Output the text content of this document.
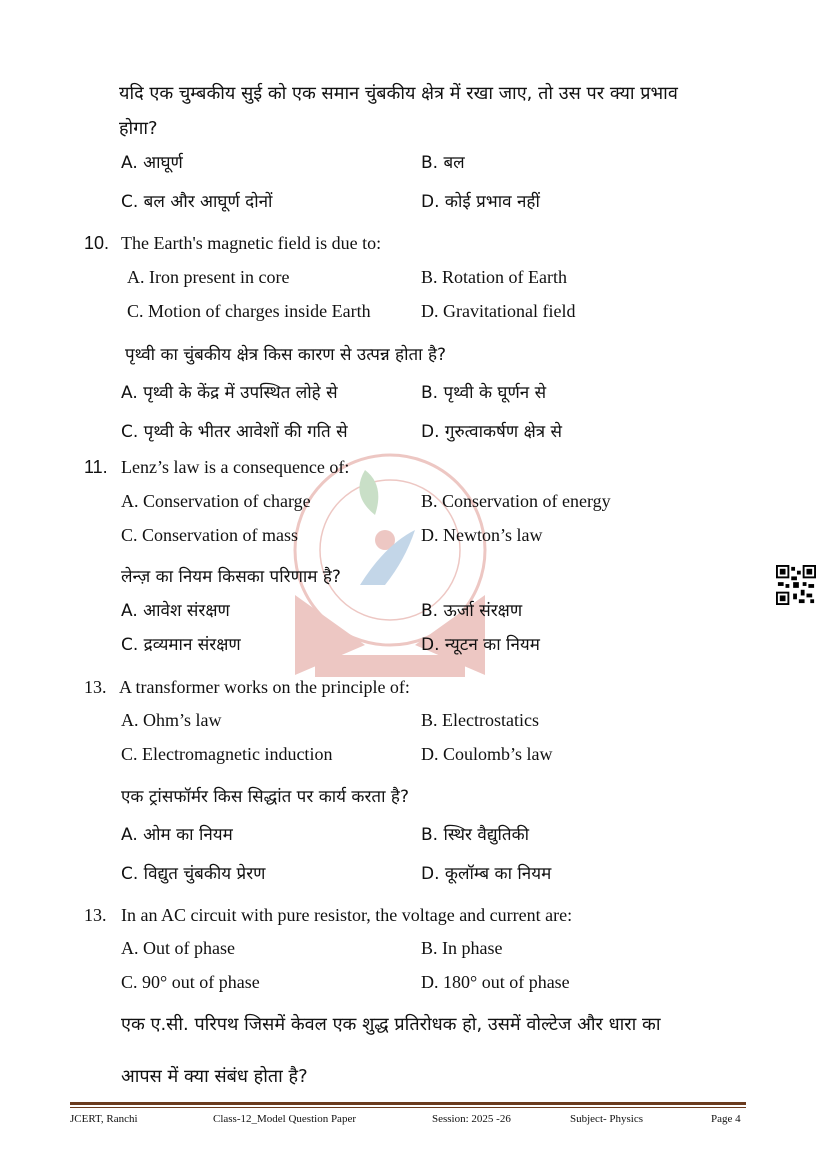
यदि एक चुम्बकीय सुई को एक समान चुंबकीय क्षेत्र में रखा जाए, तो उस पर क्या प्रभाव
होगा?
A. आघूर्ण	B. बल
C. बल और आघूर्ण दोनों	D. कोई प्रभाव नहीं
10. The Earth's magnetic field is due to:
A. Iron present in core	B. Rotation of Earth
C. Motion of charges inside Earth	D. Gravitational field
पृथ्वी का चुंबकीय क्षेत्र किस कारण से उत्पन्न होता है?
A. पृथ्वी के केंद्र में उपस्थित लोहे से	B. पृथ्वी के घूर्णन से
C. पृथ्वी के भीतर आवेशों की गति से	D. गुरुत्वाकर्षण क्षेत्र से
11. Lenz’s law is a consequence of:
A. Conservation of charge	B. Conservation of energy
C. Conservation of mass	D. Newton’s law
लेन्ज़ का नियम किसका परिणाम है?
A. आवेश संरक्षण	B. ऊर्जा संरक्षण
C. द्रव्यमान संरक्षण	D. न्यूटन का नियम
13. A transformer works on the principle of:
A. Ohm’s law	B. Electrostatics
C. Electromagnetic induction	D. Coulomb’s law
एक ट्रांसफॉर्मर किस सिद्धांत पर कार्य करता है?
A. ओम का नियम	B. स्थिर वैद्युतिकी
C. विद्युत चुंबकीय प्रेरण	D. कूलॉम्ब का नियम
13. In an AC circuit with pure resistor, the voltage and current are:
A. Out of phase	B. In phase
C. 90° out of phase	D. 180° out of phase
एक ए.सी. परिपथ जिसमें केवल एक शुद्ध प्रतिरोधक हो, उसमें वोल्टेज और धारा का
आपस में क्या संबंध होता है?
JCERT, Ranchi	Class-12_Model Question Paper	Session: 2025 -26	Subject- Physics	Page 4
